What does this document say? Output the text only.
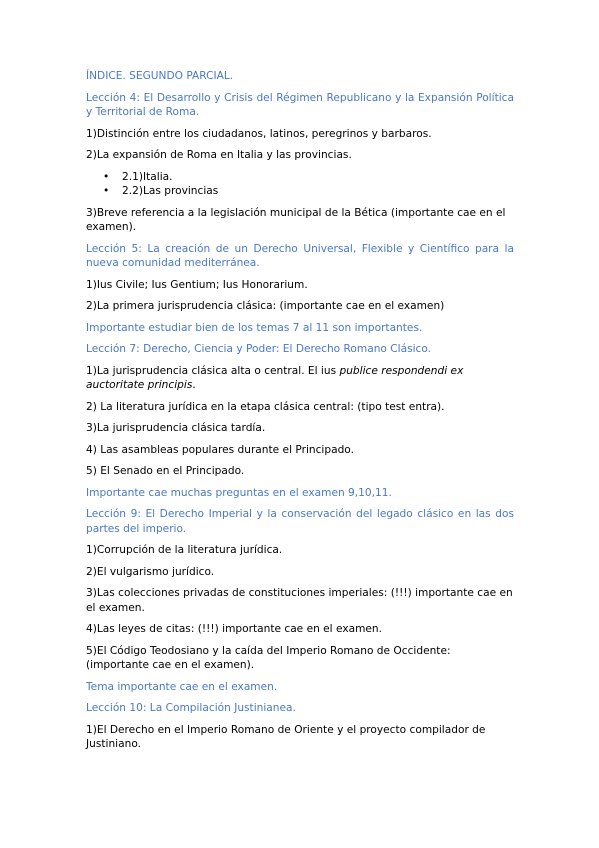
ÍNDICE. SEGUNDO PARCIAL.

Lección 4: El Desarrollo y Crisis del Régimen Republicano y la Expansión Política y Territorial de Roma.

1)Distinción entre los ciudadanos, latinos, peregrinos y barbaros.

2)La expansión de Roma en Italia y las provincias.

• 2.1)Italia.
• 2.2)Las provincias

3)Breve referencia a la legislación municipal de la Bética (importante cae en el examen).

Lección 5: La creación de un Derecho Universal, Flexible y Científico para la nueva comunidad mediterránea.

1)Ius Civile; Ius Gentium; Ius Honorarium.

2)La primera jurisprudencia clásica: (importante cae en el examen)

Importante estudiar bien de los temas 7 al 11 son importantes.

Lección 7: Derecho, Ciencia y Poder: El Derecho Romano Clásico.

1)La jurisprudencia clásica alta o central. El ius publice respondendi ex auctoritate principis.

2) La literatura jurídica en la etapa clásica central: (tipo test entra).

3)La jurisprudencia clásica tardía.

4) Las asambleas populares durante el Principado.

5) El Senado en el Principado.

Importante cae muchas preguntas en el examen 9,10,11.

Lección 9: El Derecho Imperial y la conservación del legado clásico en las dos partes del imperio.

1)Corrupción de la literatura jurídica.

2)El vulgarismo jurídico.

3)Las colecciones privadas de constituciones imperiales: (!!!) importante cae en el examen.

4)Las leyes de citas: (!!!) importante cae en el examen.

5)El Código Teodosiano y la caída del Imperio Romano de Occidente: (importante cae en el examen).

Tema importante cae en el examen.

Lección 10: La Compilación Justinianea.

1)El Derecho en el Imperio Romano de Oriente y el proyecto compilador de Justiniano.
